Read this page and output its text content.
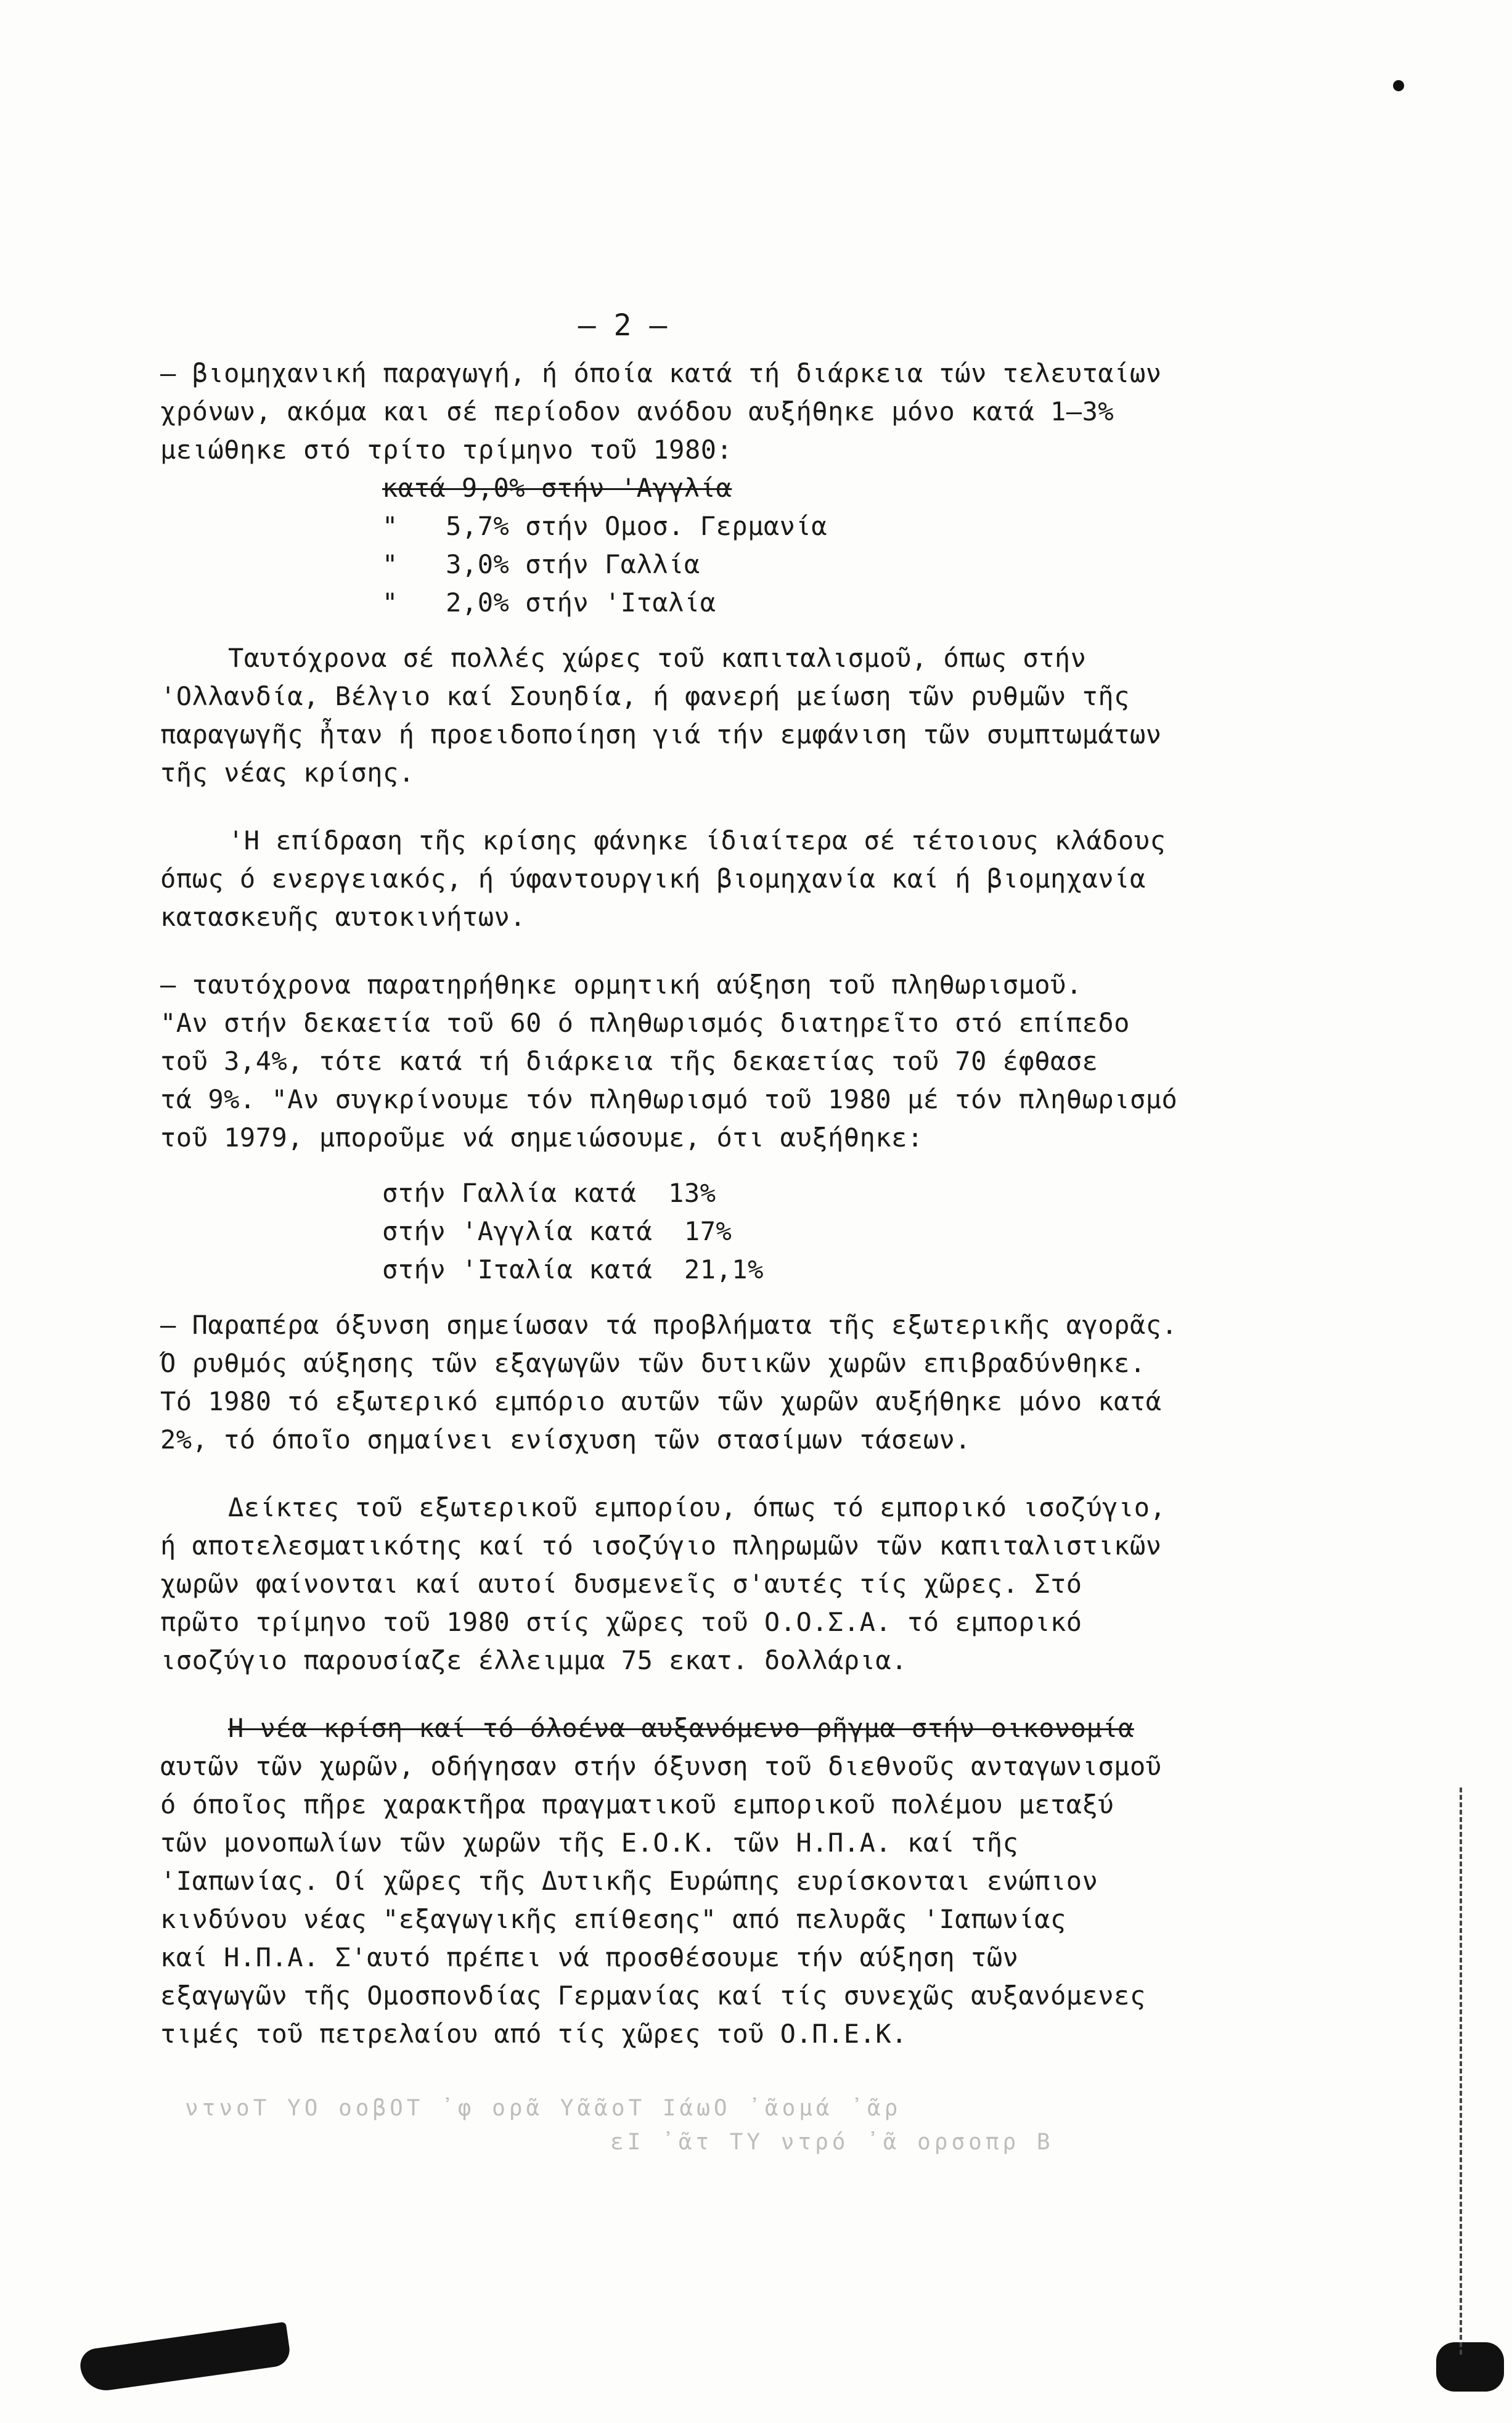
– 2 –
– βιομηχανική παραγωγή, ή όποία κατά τή διάρκεια τών τελευταίων
χρόνων, ακόμα και σέ περίοδον ανόδου αυξήθηκε μόνο κατά 1–3%
μειώθηκε στό τρίτο τρίμηνο τοῦ 1980:
κατά 9,0% στήν 'Αγγλία
"   5,7% στήν Ομοσ. Γερμανία
"   3,0% στήν Γαλλία
"   2,0% στήν 'Ιταλία
Ταυτόχρονα σέ πολλές χώρες τοῦ καπιταλισμοῦ, όπως στήν
'Ολλανδία, Βέλγιο καί Σουηδία, ή φανερή μείωση τῶν ρυθμῶν τῆς
παραγωγῆς ἦταν ή προειδοποίηση γιά τήν εμφάνιση τῶν συμπτωμάτων
τῆς νέας κρίσης.
'Η επίδραση τῆς κρίσης φάνηκε ίδιαίτερα σέ τέτοιους κλάδους
όπως ό ενεργειακός, ή ύφαντουργική βιομηχανία καί ή βιομηχανία
κατασκευῆς αυτοκινήτων.
– ταυτόχρονα παρατηρήθηκε ορμητική αύξηση τοῦ πληθωρισμοῦ.
"Αν στήν δεκαετία τοῦ 60 ό πληθωρισμός διατηρεῖτο στό επίπεδο
τοῦ 3,4%, τότε κατά τή διάρκεια τῆς δεκαετίας τοῦ 70 έφθασε
τά 9%. "Αν συγκρίνουμε τόν πληθωρισμό τοῦ 1980 μέ τόν πληθωρισμό
τοῦ 1979, μποροῦμε νά σημειώσουμε, ότι αυξήθηκε:
στήν Γαλλία κατά  13%
στήν 'Αγγλία κατά  17%
στήν 'Ιταλία κατά  21,1%
– Παραπέρα όξυνση σημείωσαν τά προβλήματα τῆς εξωτερικῆς αγορᾶς.
Ό ρυθμός αύξησης τῶν εξαγωγῶν τῶν δυτικῶν χωρῶν επιβραδύνθηκε.
Τό 1980 τό εξωτερικό εμπόριο αυτῶν τῶν χωρῶν αυξήθηκε μόνο κατά
2%, τό όποῖο σημαίνει ενίσχυση τῶν στασίμων τάσεων.
Δείκτες τοῦ εξωτερικοῦ εμπορίου, όπως τό εμπορικό ισοζύγιο,
ή αποτελεσματικότης καί τό ισοζύγιο πληρωμῶν τῶν καπιταλιστικῶν
χωρῶν φαίνονται καί αυτοί δυσμενεῖς σ'αυτές τίς χῶρες. Στό
πρῶτο τρίμηνο τοῦ 1980 στίς χῶρες τοῦ Ο.Ο.Σ.Α. τό εμπορικό
ισοζύγιο παρουσίαζε έλλειμμα 75 εκατ. δολλάρια.
Η νέα κρίση καί τό όλοένα αυξανόμενο ρῆγμα στήν οικονομία
αυτῶν τῶν χωρῶν, οδήγησαν στήν όξυνση τοῦ διεθνοῦς ανταγωνισμοῦ
ό όποῖος πῆρε χαρακτῆρα πραγματικοῦ εμπορικοῦ πολέμου μεταξύ
τῶν μονοπωλίων τῶν χωρῶν τῆς Ε.Ο.Κ. τῶν Η.Π.Α. καί τῆς
'Ιαπωνίας. Οί χῶρες τῆς Δυτικῆς Ευρώπης ευρίσκονται ενώπιον
κινδύνου νέας "εξαγωγικῆς επίθεσης" από πελυρᾶς 'Ιαπωνίας
καί Η.Π.Α. Σ'αυτό πρέπει νά προσθέσουμε τήν αύξηση τῶν
εξαγωγῶν τῆς Ομοσπονδίας Γερμανίας καί τίς συνεχῶς αυξανόμενες
τιμές τοῦ πετρελαίου από τίς χῶρες τοῦ Ο.Π.Ε.Κ.
ντνοΤ ΥΟ οοβΟΤ ᾽φ ορᾶ ΥᾶᾶοΤ ΙάωΟ ᾽ᾶομά ᾽ᾶρ
εΙ ᾽ᾶτ ΤΥ ντρό ᾽ᾶ ορσοπρ Β
